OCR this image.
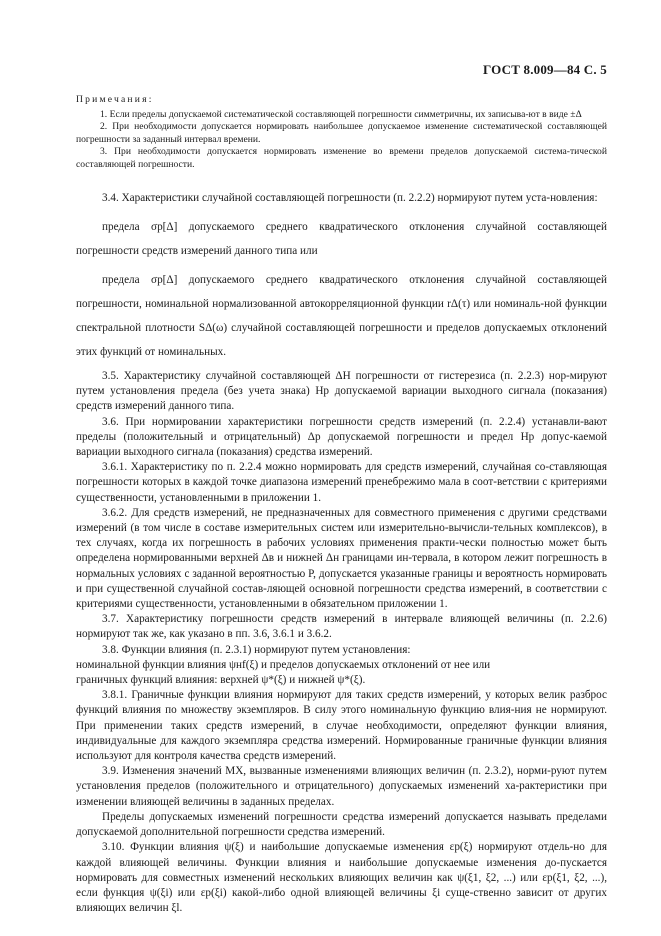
ГОСТ 8.009—84 С. 5
Примечания:

1. Если пределы допускаемой систематической составляющей погрешности симметричны, их записыва-ют в виде ±Δ

2. При необходимости допускается нормировать наибольшее допускаемое изменение систематической составляющей погрешности за заданный интервал времени.

3. При необходимости допускается нормировать изменение во времени пределов допускаемой система-тической составляющей погрешности.

3.4. Характеристики случайной составляющей погрешности (п. 2.2.2) нормируют путем уста-новления:

предела σр[Δ] допускаемого среднего квадратического отклонения случайной составляющей погрешности средств измерений данного типа или

предела σр[Δ] допускаемого среднего квадратического отклонения случайной составляющей погрешности, номинальной нормализованной автокорреляционной функции rΔ(τ) или номиналь-ной функции спектральной плотности SΔ(ω) случайной составляющей погрешности и пределов допускаемых отклонений этих функций от номинальных.

3.5. Характеристику случайной составляющей ΔH погрешности от гистерезиса (п. 2.2.3) нор-мируют путем установления предела (без учета знака) Hp допускаемой вариации выходного сигнала (показания) средств измерений данного типа.

3.6. При нормировании характеристики погрешности средств измерений (п. 2.2.4) устанавли-вают пределы (положительный и отрицательный) Δp допускаемой погрешности и предел Hp допус-каемой вариации выходного сигнала (показания) средства измерений.

3.6.1. Характеристику по п. 2.2.4 можно нормировать для средств измерений, случайная со-ставляющая погрешности которых в каждой точке диапазона измерений пренебрежимо мала в соот-ветствии с критериями существенности, установленными в приложении 1.

3.6.2. Для средств измерений, не предназначенных для совместного применения с другими средствами измерений (в том числе в составе измерительных систем или измерительно-вычисли-тельных комплексов), в тех случаях, когда их погрешность в рабочих условиях применения практи-чески полностью может быть определена нормированными верхней Δв и нижней Δн границами ин-тервала, в котором лежит погрешность в нормальных условиях с заданной вероятностью P, допускается указанные границы и вероятность нормировать и при существенной случайной состав-ляющей основной погрешности средства измерений, в соответствии с критериями существенности, установленными в обязательном приложении 1.

3.7. Характеристику погрешности средств измерений в интервале влияющей величины (п. 2.2.6) нормируют так же, как указано в пп. 3.6, 3.6.1 и 3.6.2.

3.8. Функции влияния (п. 2.3.1) нормируют путем установления:

номинальной функции влияния ψнf(ξ) и пределов допускаемых отклонений от нее или

граничных функций влияния: верхней ψ*(ξ) и нижней ψ*(ξ).

3.8.1. Граничные функции влияния нормируют для таких средств измерений, у которых велик разброс функций влияния по множеству экземпляров. В силу этого номинальную функцию влия-ния не нормируют. При применении таких средств измерений, в случае необходимости, определяют функции влияния, индивидуальные для каждого экземпляра средства измерений. Нормированные граничные функции влияния используют для контроля качества средств измерений.

3.9. Изменения значений МХ, вызванные изменениями влияющих величин (п. 2.3.2), норми-руют путем установления пределов (положительного и отрицательного) допускаемых изменений ха-рактеристики при изменении влияющей величины в заданных пределах.

Пределы допускаемых изменений погрешности средства измерений допускается называть пределами допускаемой дополнительной погрешности средства измерений.

3.10. Функции влияния ψ(ξ) и наибольшие допускаемые изменения εр(ξ) нормируют отдель-но для каждой влияющей величины. Функции влияния и наибольшие допускаемые изменения до-пускается нормировать для совместных изменений нескольких влияющих величин как ψ(ξ1, ξ2, ...) или εр(ξ1, ξ2, ...), если функция ψ(ξi) или εр(ξi) какой-либо одной влияющей величины ξi суще-ственно зависит от других влияющих величин ξl.
